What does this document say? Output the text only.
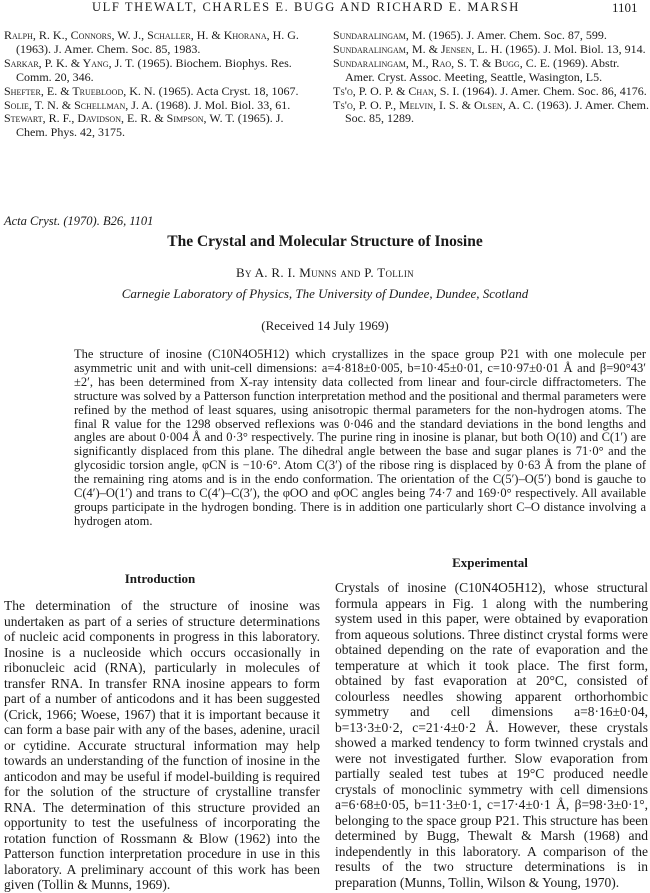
ULF THEWALT, CHARLES E. BUGG AND RICHARD E. MARSH	1101
Ralph, R. K., Connors, W. J., Schaller, H. & Khorana, H. G. (1963). J. Amer. Chem. Soc. 85, 1983.
Sarkar, P. K. & Yang, J. T. (1965). Biochem. Biophys. Res. Comm. 20, 346.
Shefter, E. & Trueblood, K. N. (1965). Acta Cryst. 18, 1067.
Solie, T. N. & Schellman, J. A. (1968). J. Mol. Biol. 33, 61.
Stewart, R. F., Davidson, E. R. & Simpson, W. T. (1965). J. Chem. Phys. 42, 3175.
Sundaralingam, M. (1965). J. Amer. Chem. Soc. 87, 599.
Sundaralingam, M. & Jensen, L. H. (1965). J. Mol. Biol. 13, 914.
Sundaralingam, M., Rao, S. T. & Bugg, C. E. (1969). Abstr. Amer. Cryst. Assoc. Meeting, Seattle, Wasington, L5.
Ts'o, P. O. P. & Chan, S. I. (1964). J. Amer. Chem. Soc. 86, 4176.
Ts'o, P. O. P., Melvin, I. S. & Olsen, A. C. (1963). J. Amer. Chem. Soc. 85, 1289.
Acta Cryst. (1970). B26, 1101
The Crystal and Molecular Structure of Inosine
By A. R. I. Munns and P. Tollin
Carnegie Laboratory of Physics, The University of Dundee, Dundee, Scotland
(Received 14 July 1969)
The structure of inosine (C10N4O5H12) which crystallizes in the space group P21 with one molecule per asymmetric unit and with unit-cell dimensions: a=4·818±0·005, b=10·45±0·01, c=10·97±0·01 Å and β=90°43′±2′, has been determined from X-ray intensity data collected from linear and four-circle diffractometers. The structure was solved by a Patterson function interpretation method and the positional and thermal parameters were refined by the method of least squares, using anisotropic thermal parameters for the non-hydrogen atoms. The final R value for the 1298 observed reflexions was 0·046 and the standard deviations in the bond lengths and angles are about 0·004 Å and 0·3° respectively. The purine ring in inosine is planar, but both O(10) and C(1′) are significantly displaced from this plane. The dihedral angle between the base and sugar planes is 71·0° and the glycosidic torsion angle, φCN is −10·6°. Atom C(3′) of the ribose ring is displaced by 0·63 Å from the plane of the remaining ring atoms and is in the endo conformation. The orientation of the C(5′)–O(5′) bond is gauche to C(4′)–O(1′) and trans to C(4′)–C(3′), the φOO and φOC angles being 74·7 and 169·0° respectively. All available groups participate in the hydrogen bonding. There is in addition one particularly short C–O distance involving a hydrogen atom.
Introduction
The determination of the structure of inosine was undertaken as part of a series of structure determinations of nucleic acid components in progress in this laboratory. Inosine is a nucleoside which occurs occasionally in ribonucleic acid (RNA), particularly in molecules of transfer RNA. In transfer RNA inosine appears to form part of a number of anticodons and it has been suggested (Crick, 1966; Woese, 1967) that it is important because it can form a base pair with any of the bases, adenine, uracil or cytidine. Accurate structural information may help towards an understanding of the function of inosine in the anticodon and may be useful if model-building is required for the solution of the structure of crystalline transfer RNA. The determination of this structure provided an opportunity to test the usefulness of incorporating the rotation function of Rossmann & Blow (1962) into the Patterson function interpretation procedure in use in this laboratory. A preliminary account of this work has been given (Tollin & Munns, 1969).
Experimental
Crystals of inosine (C10N4O5H12), whose structural formula appears in Fig. 1 along with the numbering system used in this paper, were obtained by evaporation from aqueous solutions. Three distinct crystal forms were obtained depending on the rate of evaporation and the temperature at which it took place. The first form, obtained by fast evaporation at 20°C, consisted of colourless needles showing apparent orthorhombic symmetry and cell dimensions a=8·16±0·04, b=13·3±0·2, c=21·4±0·2 Å. However, these crystals showed a marked tendency to form twinned crystals and were not investigated further. Slow evaporation from partially sealed test tubes at 19°C produced needle crystals of monoclinic symmetry with cell dimensions a=6·68±0·05, b=11·3±0·1, c=17·4±0·1 Å, β=98·3±0·1°, belonging to the space group P21. This structure has been determined by Bugg, Thewalt & Marsh (1968) and independently in this laboratory. A comparison of the results of the two structure determinations is in preparation (Munns, Tollin, Wilson & Young, 1970).
